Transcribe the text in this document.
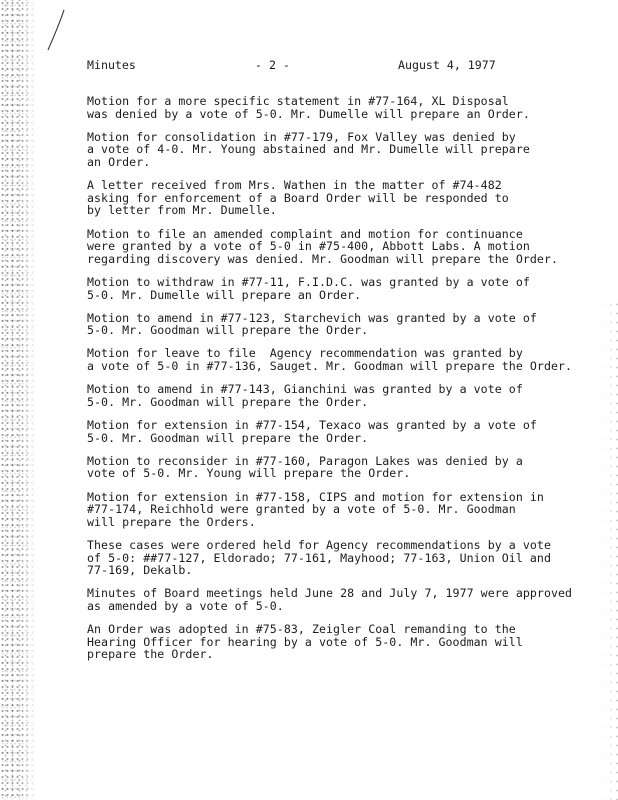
Minutes

	- 2 -

	August 4, 1977

Motion for a more specific statement in #77-164, XL Disposal
was denied by a vote of 5-0. Mr. Dumelle will prepare an Order.

Motion for consolidation in #77-179, Fox Valley was denied by
a vote of 4-0. Mr. Young abstained and Mr. Dumelle will prepare
an Order.

A letter received from Mrs. Wathen in the matter of #74-482
asking for enforcement of a Board Order will be responded to
by letter from Mr. Dumelle.

Motion to file an amended complaint and motion for continuance
were granted by a vote of 5-0 in #75-400, Abbott Labs. A motion
regarding discovery was denied. Mr. Goodman will prepare the Order.

Motion to withdraw in #77-11, F.I.D.C. was granted by a vote of
5-0. Mr. Dumelle will prepare an Order.

Motion to amend in #77-123, Starchevich was granted by a vote of
5-0. Mr. Goodman will prepare the Order.

Motion for leave to file  Agency recommendation was granted by
a vote of 5-0 in #77-136, Sauget. Mr. Goodman will prepare the Order.

Motion to amend in #77-143, Gianchini was granted by a vote of
5-0. Mr. Goodman will prepare the Order.

Motion for extension in #77-154, Texaco was granted by a vote of
5-0. Mr. Goodman will prepare the Order.

Motion to reconsider in #77-160, Paragon Lakes was denied by a
vote of 5-0. Mr. Young will prepare the Order.

Motion for extension in #77-158, CIPS and motion for extension in
#77-174, Reichhold were granted by a vote of 5-0. Mr. Goodman
will prepare the Orders.

These cases were ordered held for Agency recommendations by a vote
of 5-0: ##77-127, Eldorado; 77-161, Mayhood; 77-163, Union Oil and
77-169, Dekalb.

Minutes of Board meetings held June 28 and July 7, 1977 were approved
as amended by a vote of 5-0.

An Order was adopted in #75-83, Zeigler Coal remanding to the
Hearing Officer for hearing by a vote of 5-0. Mr. Goodman will
prepare the Order.
